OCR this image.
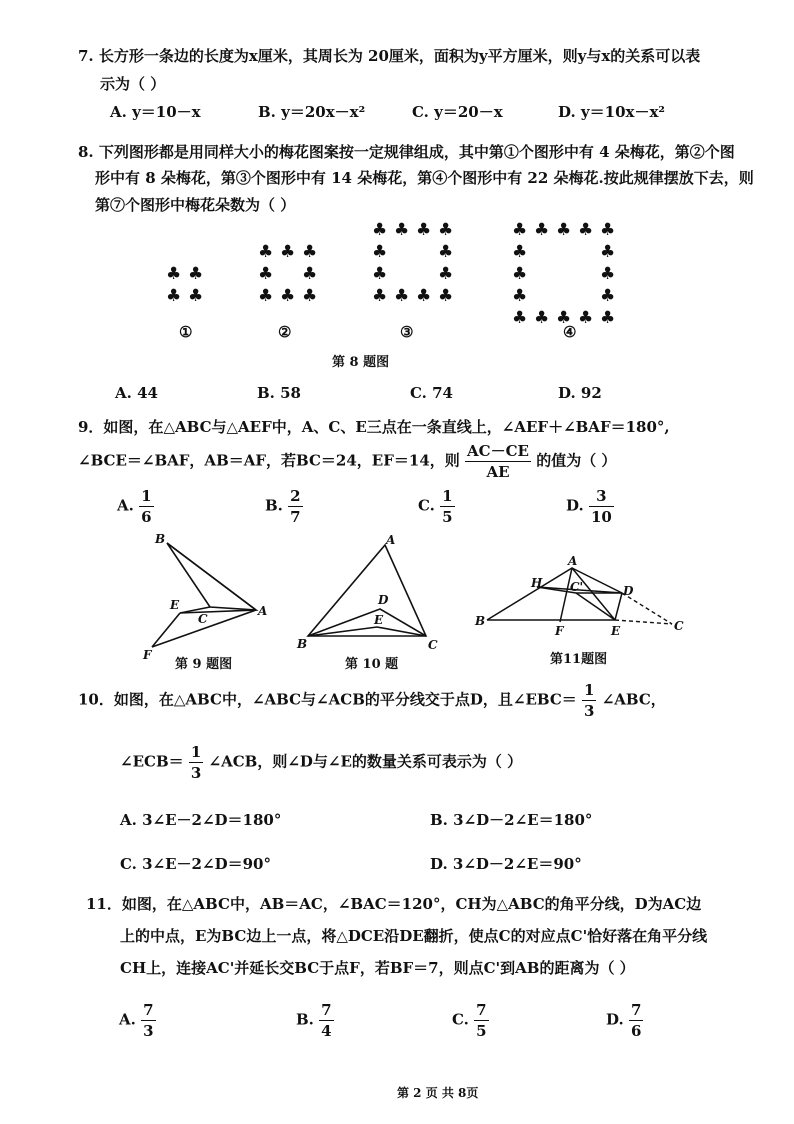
7. 长方形一条边的长度为x厘米，其周长为 20厘米，面积为y平方厘米，则y与x的关系可以表
示为（ ）
A. y＝10－x	B. y＝20x－x²	C. y＝20－x	D. y＝10x－x²
8. 下列图形都是用同样大小的梅花图案按一定规律组成，其中第①个图形中有 4 朵梅花，第②个图
形中有 8 朵梅花，第③个图形中有 14 朵梅花，第④个图形中有 22 朵梅花.按此规律摆放下去，则
第⑦个图形中梅花朵数为（ ）
♣ ♣
♣ ♣
♣ ♣ ♣
♣ ♣
♣ ♣ ♣
♣ ♣ ♣ ♣
♣	♣
♣	♣
♣ ♣ ♣ ♣
♣ ♣ ♣ ♣ ♣
♣	♣
♣	♣
♣	♣
♣ ♣ ♣ ♣ ♣
①	②	③	④
第 8 题图
A. 44	B. 58	C. 74	D. 92
9．如图，在△ABC与△AEF中，A、C、E三点在一条直线上，∠AEF＋∠BAF＝180°,
∠BCE＝∠BAF，AB＝AF，若BC＝24，EF＝14，则 $\frac{AC-CE}{AE}$ 的值为（ ）
A. $\frac{1}{6}$	B. $\frac{2}{7}$	C. $\frac{1}{5}$	D. $\frac{3}{10}$
B
E
C
A
F
A
D
E
B	C
A
H C'	D
B
F	E	C
第 9 题图	第 10 题	第11题图
10．如图，在△ABC中，∠ABC与∠ACB的平分线交于点D，且∠EBC＝ $\frac{1}{3}$ ∠ABC，
∠ECB＝ $\frac{1}{3}$ ∠ACB，则∠D与∠E的数量关系可表示为（ ）
A. 3∠E－2∠D＝180°	B. 3∠D－2∠E＝180°
C. 3∠E－2∠D＝90°	D. 3∠D－2∠E＝90°
11．如图，在△ABC中，AB＝AC，∠BAC＝120°，CH为△ABC的角平分线，D为AC边
上的中点，E为BC边上一点，将△DCE沿DE翻折，使点C的对应点C'恰好落在角平分线
CH上，连接AC'并延长交BC于点F，若BF＝7，则点C'到AB的距离为（ ）
A. $\frac{7}{3}$	B. $\frac{7}{4}$	C. $\frac{7}{5}$	D. $\frac{7}{6}$
第 2 页 共 8页
